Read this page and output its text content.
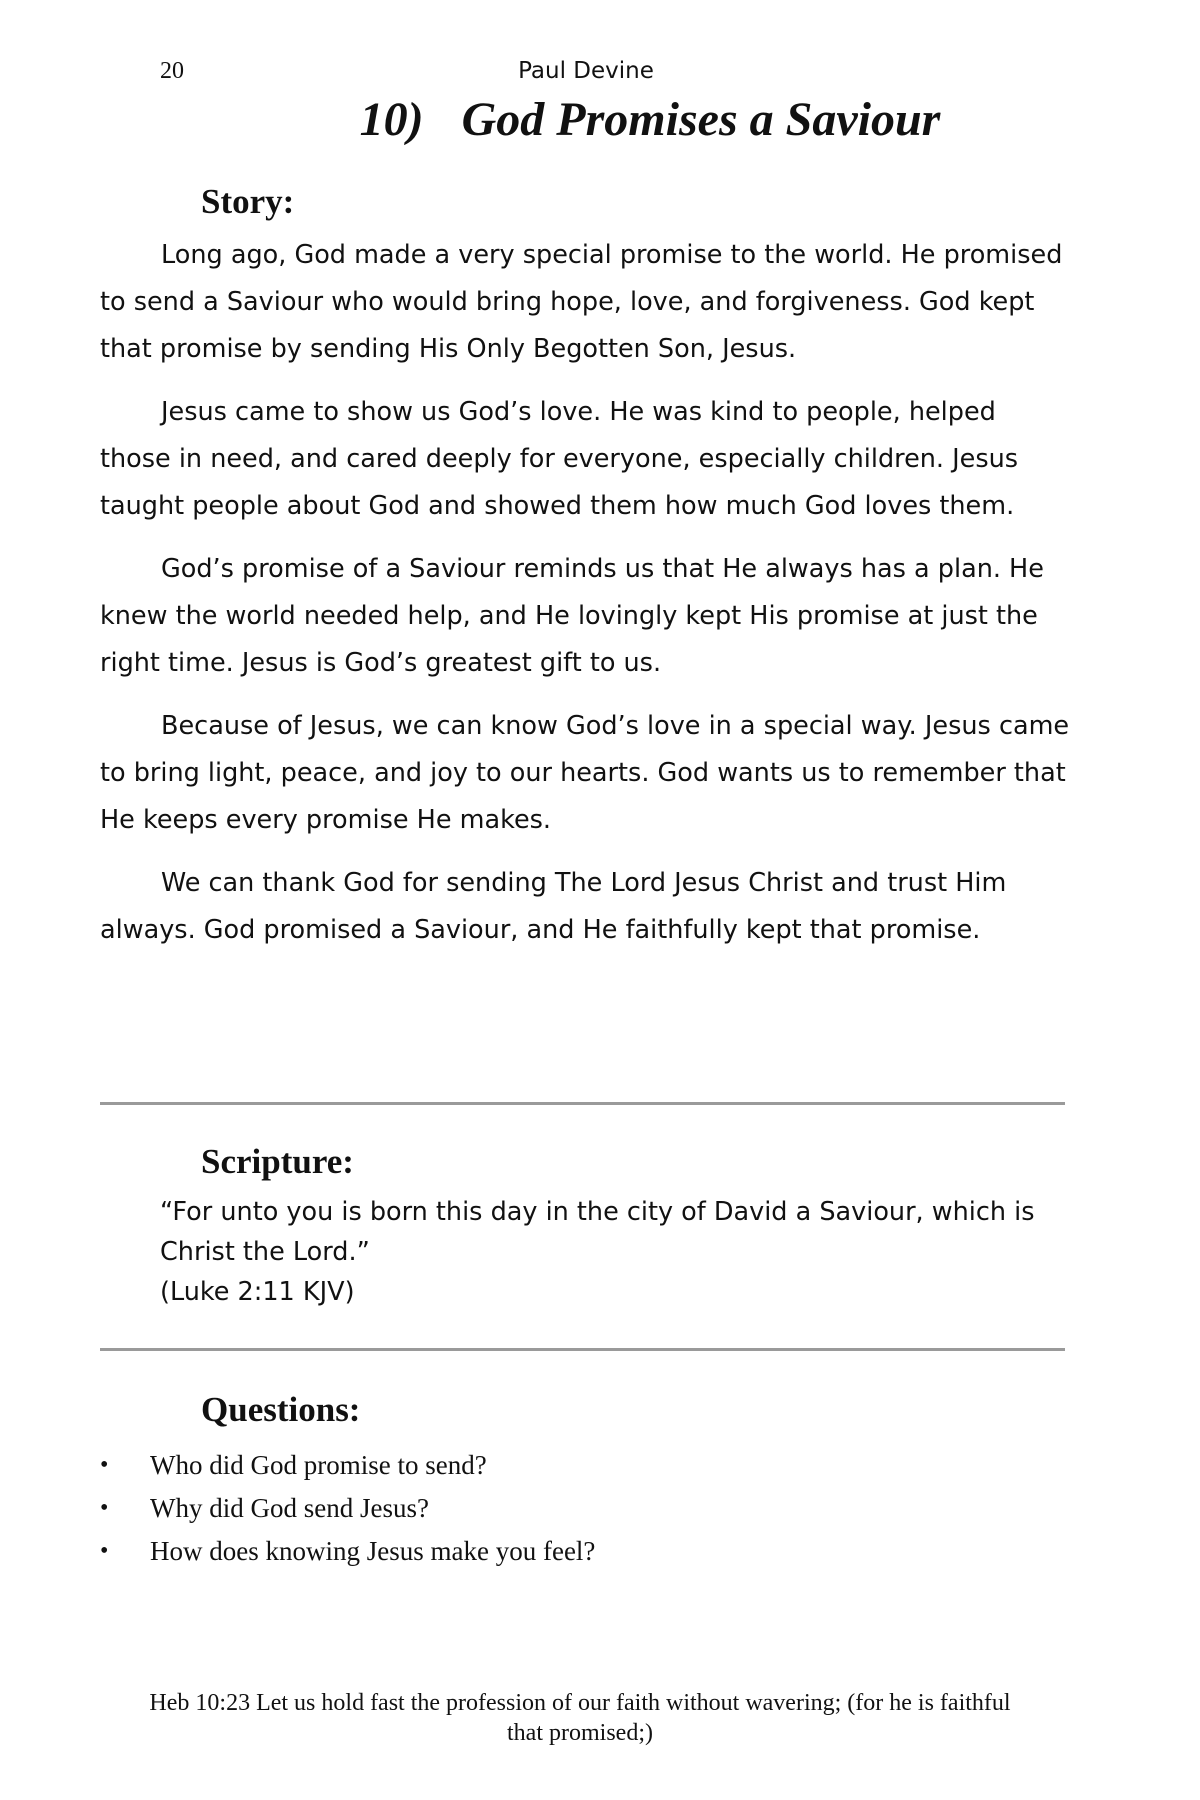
20	Paul Devine
10) God Promises a Saviour
Story:

Long ago, God made a very special promise to the world. He promised to send a Saviour who would bring hope, love, and forgiveness. God kept that promise by sending His Only Begotten Son, Jesus.

Jesus came to show us God’s love. He was kind to people, helped those in need, and cared deeply for everyone, especially children. Jesus taught people about God and showed them how much God loves them.

God’s promise of a Saviour reminds us that He always has a plan. He knew the world needed help, and He lovingly kept His promise at just the right time. Jesus is God’s greatest gift to us.

Because of Jesus, we can know God’s love in a special way. Jesus came to bring light, peace, and joy to our hearts. God wants us to remember that He keeps every promise He makes.

We can thank God for sending The Lord Jesus Christ and trust Him always. God promised a Saviour, and He faithfully kept that promise.

Scripture:
“For unto you is born this day in the city of David a Saviour, which is Christ the Lord.”
(Luke 2:11 KJV)
Questions:
• Who did God promise to send?
• Why did God send Jesus?
• How does knowing Jesus make you feel?
Heb 10:23 Let us hold fast the profession of our faith without wavering; (for he is faithful that promised;)
